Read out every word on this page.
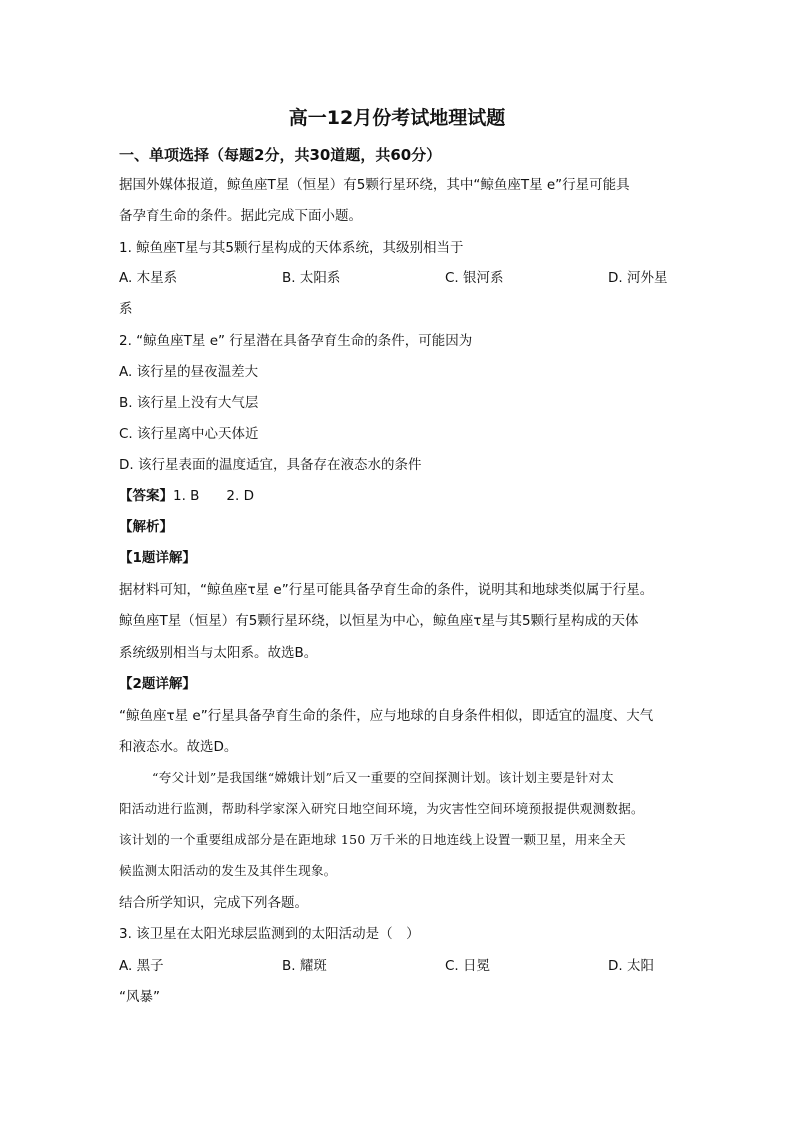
高一12月份考试地理试题
一、单项选择（每题2分，共30道题，共60分）
据国外媒体报道，鲸鱼座T星（恒星）有5颗行星环绕，其中“鲸鱼座T星 e”行星可能具
备孕育生命的条件。据此完成下面小题。
1. 鲸鱼座T星与其5颗行星构成的天体系统，其级别相当于
A. 木星系	B. 太阳系	C. 银河系	D. 河外星
系
2. “鲸鱼座T星 e” 行星潜在具备孕育生命的条件，可能因为
A. 该行星的昼夜温差大
B. 该行星上没有大气层
C. 该行星离中心天体近
D. 该行星表面的温度适宜，具备存在液态水的条件
【答案】1. B　　2. D
【解析】
【1题详解】
据材料可知，“鲸鱼座τ星 e”行星可能具备孕育生命的条件，说明其和地球类似属于行星。
鲸鱼座T星（恒星）有5颗行星环绕，以恒星为中心，鲸鱼座τ星与其5颗行星构成的天体
系统级别相当与太阳系。故选B。
【2题详解】
“鲸鱼座τ星 e”行星具备孕育生命的条件，应与地球的自身条件相似，即适宜的温度、大气
和液态水。故选D。
“夸父计划”是我国继“嫦娥计划”后又一重要的空间探测计划。该计划主要是针对太
阳活动进行监测，帮助科学家深入研究日地空间环境，为灾害性空间环境预报提供观测数据。
该计划的一个重要组成部分是在距地球 150 万千米的日地连线上设置一颗卫星，用来全天
候监测太阳活动的发生及其伴生现象。
结合所学知识，完成下列各题。
3. 该卫星在太阳光球层监测到的太阳活动是（　）
A. 黑子	B. 耀斑	C. 日冕	D. 太阳
“风暴”
